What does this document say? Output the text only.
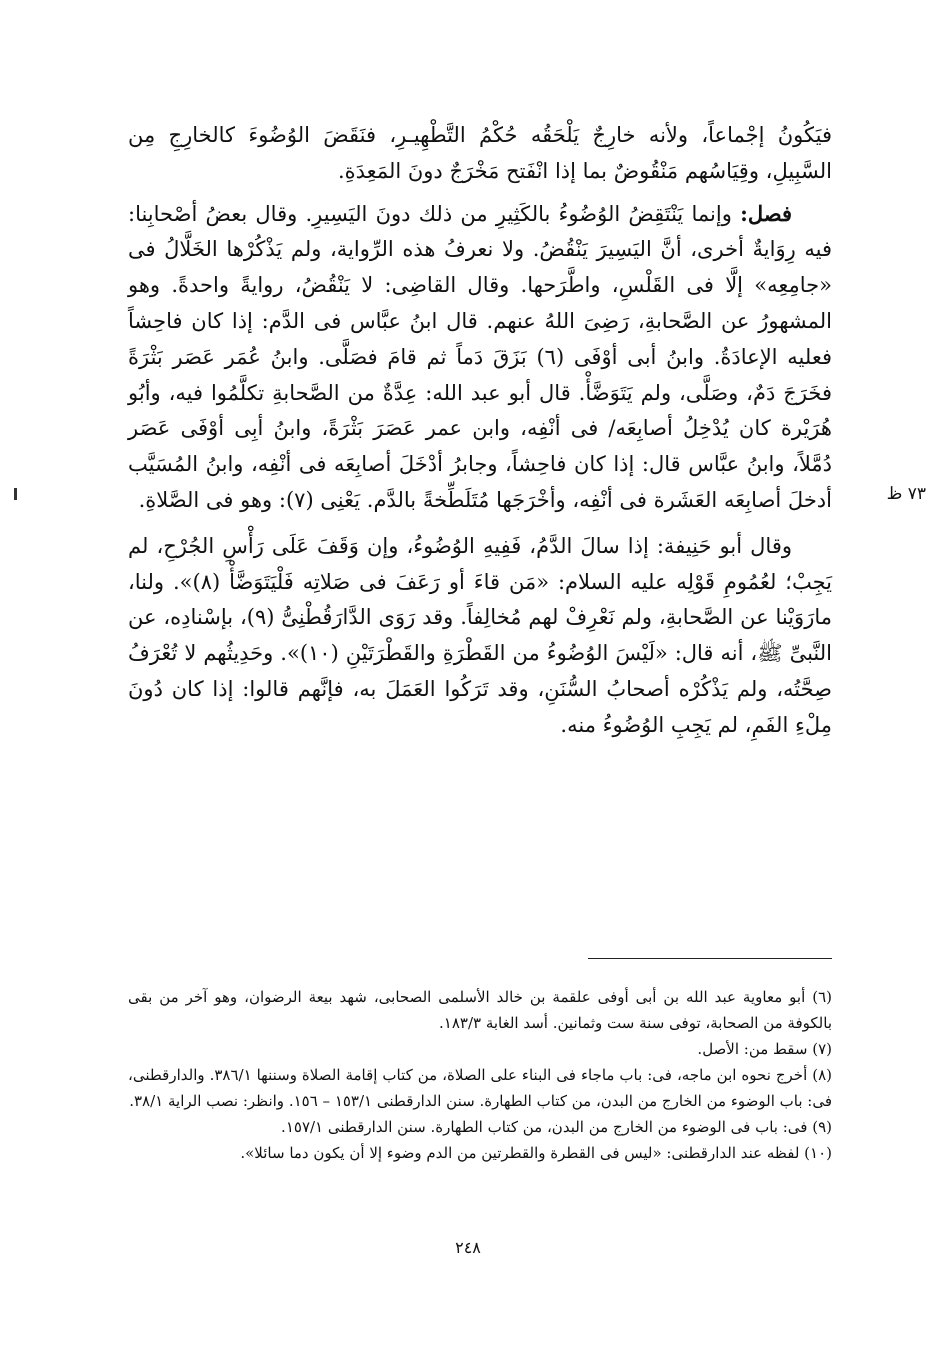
فيَكُونُ إجْماعاً، ولأنه خارِجٌ يَلْحَقُه حُكْمُ التَّطْهِيـرِ، فنَقَضَ الوُضُوءَ كالخارِجِ مِن السَّبِيلِ، وقِيَاسُهم مَنْقُوضٌ بما إذا انْفَتح مَخْرَجٌ دونَ المَعِدَةِ.

فصل: وإنما يَنْتَقِضُ الوُضُوءُ بالكَثِيرِ من ذلك دونَ اليَسِيرِ. وقال بعضُ أصْحابِنا: فيه رِوَايةٌ أخرى، أنَّ اليَسِيرَ يَنْقُضُ. ولا نعرفُ هذه الرِّواية، ولم يَذْكُرْها الخَلَّالُ فى «جامِعِه» إلَّا فى القَلْسِ، واطَّرَحها. وقال القاضِى: لا يَنْقُضُ، روايةً واحدةً. وهو المشهورُ عن الصَّحابةِ، رَضِىَ اللهُ عنهم. قال ابنُ عبَّاس فى الدَّم: إذا كان فاحِشاً فعليه الإعادَةُ. وابنُ أبى أوْفَى (٦) بَزَقَ دَماً ثم قامَ فصَلَّى. وابنُ عُمَر عَصَر بَثْرَةً فخَرَجَ دَمٌ، وصَلَّى، ولم يَتَوَضَّأْ. قال أبو عبد الله: عِدَّةٌ من الصَّحابةِ تكلَّمُوا فيه، وأبُو هُرَيْرة كان يُدْخِلُ أصابِعَه/ فى أنْفِه، وابن عمر عَصَرَ بَثْرَةً، وابنُ أبِى أوْفَى عَصَر دُمَّلاً، وابنُ عبَّاس قال: إذا كان فاحِشاً، وجابرُ أدْخَلَ أصابِعَه فى أنْفِه، وابنُ المُسَيَّب أدخلَ أصابِعَه العَشَرة فى أنْفِه، وأخْرَجَها مُتَلَطِّخةً بالدَّم. يَعْنِى (٧): وهو فى الصَّلاةِ.

وقال أبو حَنِيفة: إذا سالَ الدَّمُ، فَفِيهِ الوُضُوءُ، وإن وَقَفَ عَلَى رَأْسِ الجُرْحِ، لم يَجِبْ؛ لعُمُومِ قَوْلِه عليه السلام: «مَن قاءَ أو رَعَفَ فى صَلاتِه فَلْيَتَوَضَّأْ (٨)». ولنا، مارَوَيْنا عن الصَّحابةِ، ولم نَعْرِفْ لهم مُخالِفاً. وقد رَوَى الدَّارَقُطْنِىُّ (٩)، بإسْنادِه، عن النَّبىِّ ﷺ، أنه قال: «لَيْسَ الوُضُوءُ من القَطْرَةِ والقَطْرَتَيْنِ (١٠)». وحَدِيثُهم لا تُعْرَفُ صِحَّتُه، ولم يَذْكُرْه أصحابُ السُّنَنِ، وقد تَرَكُوا العَمَلَ به، فإنَّهم قالوا: إذا كان دُونَ مِلْءِ الفَمِ، لم يَجِبِ الوُضُوءُ منه.

٧٣ ظ

(٦) أبو معاوية عبد الله بن أبى أوفى علقمة بن خالد الأسلمى الصحابى، شهد بيعة الرضوان، وهو آخر من بقى بالكوفة من الصحابة، توفى سنة ست وثمانين. أسد الغابة ١٨٣/٣.

(٧) سقط من: الأصل.

(٨) أخرج نحوه ابن ماجه، فى: باب ماجاء فى البناء على الصلاة، من كتاب إقامة الصلاة وسننها ٣٨٦/١. والدارقطنى، فى: باب الوضوء من الخارج من البدن، من كتاب الطهارة. سنن الدارقطنى ١٥٣/١ – ١٥٦. وانظر: نصب الراية ٣٨/١.

(٩) فى: باب فى الوضوء من الخارج من البدن، من كتاب الطهارة. سنن الدارقطنى ١٥٧/١.

(١٠) لفظه عند الدارقطنى: «ليس فى القطرة والقطرتين من الدم وضوء إلا أن يكون دما سائلا».

٢٤٨
